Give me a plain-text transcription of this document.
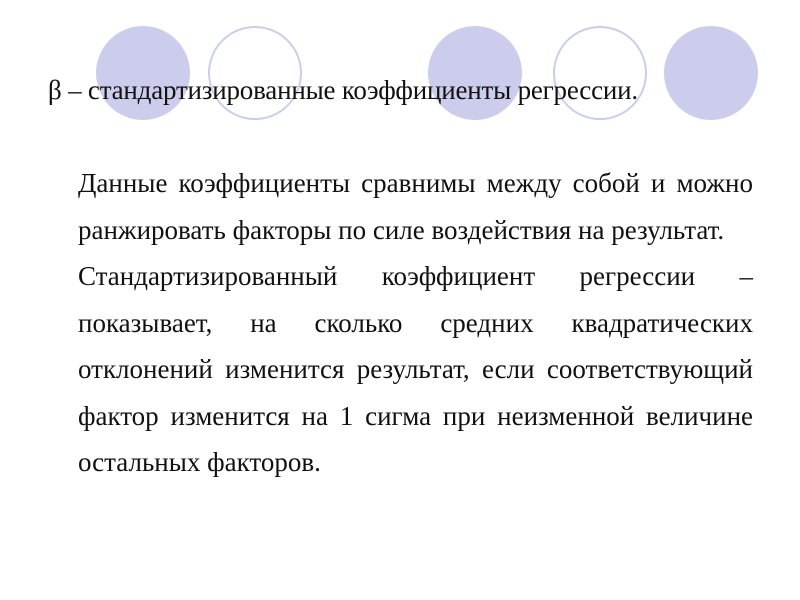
β – стандартизированные коэффициенты регрессии.

Данные коэффициенты сравнимы между собой и можно ранжировать факторы по силе воздействия на результат.

Стандартизированный коэффициент регрессии – показывает, на сколько средних квадратических отклонений изменится результат, если соответствующий фактор изменится на 1 сигма при неизменной величине остальных факторов.
